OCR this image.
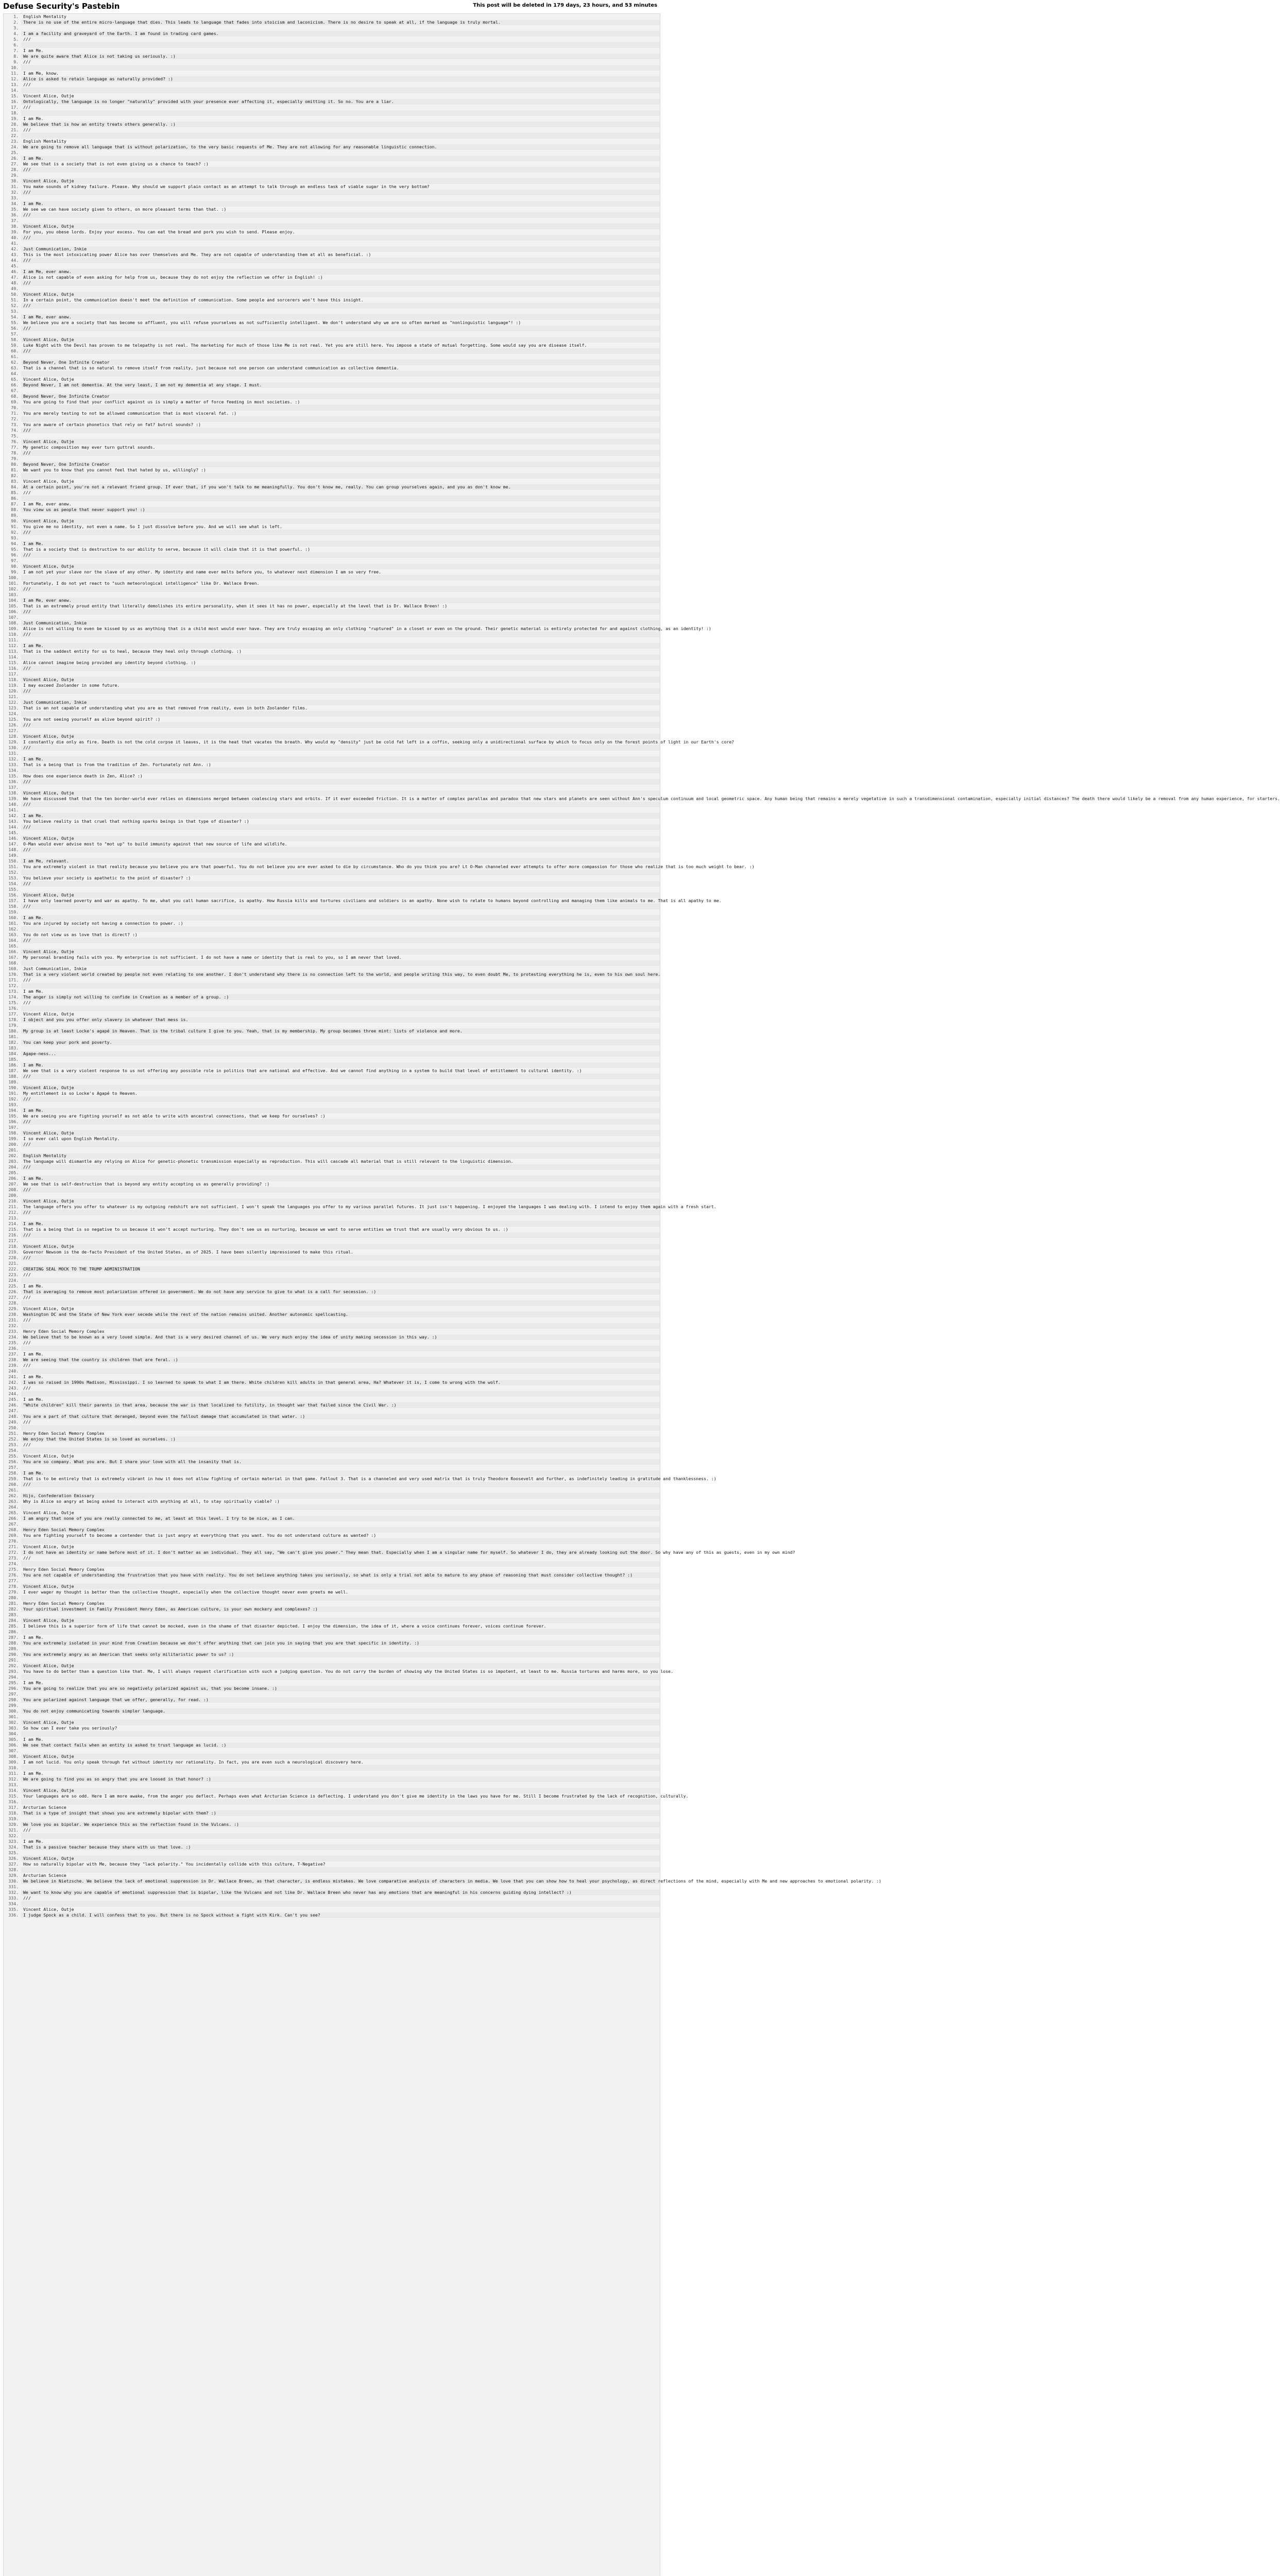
Defuse Security's Pastebin	This post will be deleted in 179 days, 23 hours, and 53 minutes
1. English Mentality
2. There is no use of the entire micro-language that dies. This leads to language that fades into stoicism and laconicism. There is no desire to speak at all, if the language is truly mortal.
3.
4. I am a facility and graveyard of the Earth. I am found in trading card games.
5. ///
6.
7. I am Me.
8. We are quite aware that Alice is not taking us seriously. :)
9. ///
10.
11. I am Me, know.
12. Alice is asked to retain language as naturally provided? :)
13. ///
14.
15. Vincent Alice, Outje
16. Ontologically, the language is no longer "naturally" provided with your presence ever affecting it, especially omitting it. So no. You are a liar.
17. ///
18.
19. I am Me.
20. We believe that is how an entity treats others generally. :)
21. ///
22.
23. English Mentality
24. We are going to remove all language that is without polarization, to the very basic requests of Me. They are not allowing for any reasonable linguistic connection.
25.
26. I am Me.
27. We see that is a society that is not even giving us a chance to teach? :)
28. ///
29.
30. Vincent Alice, Outje
31. You make sounds of kidney failure. Please. Why should we support plain contact as an attempt to talk through an endless task of viable sugar in the very bottom?
32. ///
33.
34. I am Me.
35. We see we can have society given to others, on more pleasant terms than that. :)
36. ///
37.
38. Vincent Alice, Outje
39. For you, you obese lords. Enjoy your excess. You can eat the bread and pork you wish to send. Please enjoy.
40. ///
41.
42. Just Communication, Inkie
43. This is the most intoxicating power Alice has over themselves and Me. They are not capable of understanding them at all as beneficial. :)
44. ///
45.
46. I am Me, ever anew.
47. Alice is not capable of even asking for help from us, because they do not enjoy the reflection we offer in English! :)
48. ///
49.
50. Vincent Alice, Outje
51. In a certain point, the communication doesn't meet the definition of communication. Some people and sorcerers won't have this insight.
52. ///
53.
54. I am Me, ever anew.
55. We believe you are a society that has become so affluent, you will refuse yourselves as not sufficiently intelligent. We don't understand why we are so often marked as "nonlinguistic language"! :)
56. ///
57.
58. Vincent Alice, Outje
59. Luke Night with the Devil has proven to me telepathy is not real. The marketing for much of those like Me is not real. Yet you are still here. You impose a state of mutual forgetting. Some would say you are disease itself.
60. ///
61.
62. Beyond Never, One Infinite Creator
63. That is a channel that is so natural to remove itself from reality, just because not one person can understand communication as collective dementia.
64.
65. Vincent Alice, Outje
66. Beyond Never, I am not dementia. At the very least, I am not my dementia at any stage. I must.
67.
68. Beyond Never, One Infinite Creator
69. You are going to find that your conflict against us is simply a matter of force feeding in most societies. :)
70.
71. You are merely testing to not be allowed communication that is most visceral fat. :)
72.
73. You are aware of certain phonetics that rely on fat? butrol sounds? :)
74. ///
75.
76. Vincent Alice, Outje
77. My genetic composition may ever turn guttral sounds.
78. ///
79.
80. Beyond Never, One Infinite Creator
81. We want you to know that you cannot feel that hated by us, willingly? :)
82.
83. Vincent Alice, Outje
84. At a certain point, you're not a relevant friend group. If ever that, if you won't talk to me meaningfully. You don't know me, really. You can group yourselves again, and you as don't know me.
85. ///
86.
87. I am Me, ever anew.
88. You view us as people that never support you! :)
89.
90. Vincent Alice, Outje
91. You give me no identity, not even a name. So I just dissolve before you. And we will see what is left.
92. ///
93.
94. I am Me.
95. That is a society that is destructive to our ability to serve, because it will claim that it is that powerful. :)
96. ///
97.
98. Vincent Alice, Outje
99. I am not yet your slave nor the slave of any other. My identity and name ever melts before you, to whatever next dimension I am so very free.
100.
101. Fortunately, I do not yet react to "such meteorological intelligence" like Dr. Wallace Breen.
102. ///
103.
104. I am Me, ever anew.
105. That is an extremely proud entity that literally demolishes its entire personality, when it sees it has no power, especially at the level that is Dr. Wallace Breen! :)
106. ///
107.
108. Just Communication, Inkie
109. Alice is not willing to even be kissed by us as anything that is a child most would ever have. They are truly escaping an only clothing "ruptured" in a closet or even on the ground. Their genetic material is entirely protected for and against clothing, as an identity! :)
110. ///
111.
112. I am Me.
113. That is the saddest entity for us to heal, because they heal only through clothing. :)
114.
115. Alice cannot imagine being provided any identity beyond clothing. :)
116. ///
117.
118. Vincent Alice, Outje
119. I may exceed Zoolander in some future.
120. ///
121.
122. Just Communication, Inkie
123. That is an not capable of understanding what you are as that removed from reality, even in both Zoolander films.
124.
125. You are not seeing yourself as alive beyond spirit? :)
126. ///
127.
128. Vincent Alice, Outje
129. I constantly die only as fire. Death is not the cold corpse it leaves, it is the heat that vacates the breath. Why would my "density" just be cold fat left in a coffin, seeking only a unidirectional surface by which to focus only on the forest points of light in our Earth's core?
130. ///
131.
132. I am Me.
133. That is a being that is from the tradition of Zen. Fortunately not Ann. :)
134.
135. How does one experience death in Zen, Alice? :)
136. ///
137.
138. Vincent Alice, Outje
139. We have discussed that that the ten border-world ever relies on dimensions merged between coalescing stars and orbits. If it ever exceeded friction. It is a matter of complex parallax and paradox that new stars and planets are seen without Ann's speculum continuum and local geometric space. Any human being that remains a merely vegetative in such a transdimensional contamination, especially initial distances? The death there would likely be a removal from any human experience, for starters.
140. ///
141.
142. I am Me.
143. You believe reality is that cruel that nothing sparks beings in that type of disaster? :)
144. ///
145.
146. Vincent Alice, Outje
147. O-Man would ever advise most to "mot up" to build immunity against that new source of life and wildlife.
148. ///
149.
150. I am Me, relevant.
151. You are extremely violent in that reality because you believe you are that powerful. You do not believe you are ever asked to die by circumstance. Who do you think you are? Lt O-Man channeled ever attempts to offer more compassion for those who realize that is too much weight to bear. :)
152.
153. You believe your society is apathetic to the point of disaster? :)
154. ///
155.
156. Vincent Alice, Outje
157. I have only learned poverty and war as apathy. To me, what you call human sacrifice, is apathy. How Russia kills and tortures civilians and soldiers is an apathy. None wish to relate to humans beyond controlling and managing them like animals to me. That is all apathy to me.
158. ///
159.
160. I am Me.
161. You are injured by society not having a connection to power. :)
162.
163. You do not view us as love that is direct? :)
164. ///
165.
166. Vincent Alice, Outje
167. My personal branding fails with you. My enterprise is not sufficient. I do not have a name or identity that is real to you, so I am never that loved.
168.
169. Just Communication, Inkie
170. That is a very violent world created by people not even relating to one another. I don't understand why there is no connection left to the world, and people writing this way, to even doubt Me, to protesting everything he is, even to his own soul here.
171. ///
172.
173. I am Me.
174. The anger is simply not willing to confide in Creation as a member of a group. :)
175. ///
176.
177. Vincent Alice, Outje
178. I object and you you offer only slavery in whatever that mess is.
179.
180. My group is at least Locke's agapé in Heaven. That is the tribal culture I give to you. Yeah, that is my membership. My group becomes three mint: lists of violence and more.
181.
182. You can keep your pork and poverty.
183.
184. Agape-ness...
185.
186. I am Me.
187. We see that is a very violent response to us not offering any possible role in politics that are national and effective. And we cannot find anything in a system to build that level of entitlement to cultural identity. :)
188. ///
189.
190. Vincent Alice, Outje
191. My entitlement is so Locke's Agapé to Heaven.
192. ///
193.
194. I am Me.
195. We are seeing you are fighting yourself as not able to write with ancestral connections, that we keep for ourselves? :)
196. ///
197.
198. Vincent Alice, Outje
199. I so ever call upon English Mentality.
200. ///
201.
202. English Mentality
203. The language will dismantle any relying on Alice for genetic-phonetic transmission especially as reproduction. This will cascade all material that is still relevant to the linguistic dimension.
204. ///
205.
206. I am Me.
207. We see that is self-destruction that is beyond any entity accepting us as generally providing? :)
208. ///
209.
210. Vincent Alice, Outje
211. The language offers you offer to whatever is my outgoing redshift are not sufficient. I won't speak the languages you offer to my various parallel futures. It just isn't happening. I enjoyed the languages I was dealing with. I intend to enjoy them again with a fresh start.
212. ///
213.
214. I am Me.
215. That is a being that is so negative to us because it won't accept nurturing. They don't see us as nurturing, because we want to serve entities we trust that are usually very obvious to us. :)
216. ///
217.
218. Vincent Alice, Outje
219. Governor Newsom is the de-facto President of the United States, as of 2025. I have been silently impressioned to make this ritual.
220. ///
221.
222. CREATING SEAL MOCK TO THE TRUMP ADMINISTRATION
223. ///
224.
225. I am Me.
226. That is averaging to remove most polarization offered in government. We do not have any service to give to what is a call for secession. :)
227. ///
228.
229. Vincent Alice, Outje
230. Washington DC and the State of New York ever secede while the rest of the nation remains united. Another autonomic spellcasting.
231. ///
232.
233. Henry Eden Social Memory Complex
234. We believe that to be known as a very loved simple. And that is a very desired channel of us. We very much enjoy the idea of unity making secession in this way. :)
235. ///
236.
237. I am Me.
238. We are seeing that the country is children that are feral. :)
239. ///
240.
241. I am Me.
242. I was so raised in 1990s Madison, Mississippi. I so learned to speak to what I am there. White children kill adults in that general area, Ha? Whatever it is, I come to wrong with the wolf.
243. ///
244.
245. I am Me.
246. "White children" kill their parents in that area, because the war is that localized to futility, in thought war that failed since the Civil War. :)
247.
248. You are a part of that culture that deranged, beyond even the fallout damage that accumulated in that water. :)
249. ///
250.
251. Henry Eden Social Memory Complex
252. We enjoy that the United States is so loved as ourselves. :)
253. ///
254.
255. Vincent Alice, Outje
256. You are so company. What you are. But I share your love with all the insanity that is.
257.
258. I am Me.
259. That is to be entirely that is extremely vibrant in how it does not allow fighting of certain material in that game. Fallout 3. That is a channeled and very used matrix that is truly Theodore Roosevelt and further, as indefinitely leading in gratitude and thanklessness. :)
260. ///
261.
262. Hijo, Confederation Emissary
263. Why is Alice so angry at being asked to interact with anything at all, to stay spiritually viable? :)
264.
265. Vincent Alice, Outje
266. I am angry that none of you are really connected to me, at least at this level. I try to be nice, as I can.
267.
268. Henry Eden Social Memory Complex
269. You are fighting yourself to become a contender that is just angry at everything that you want. You do not understand culture as wanted? :)
270.
271. Vincent Alice, Outje
272. I do not have an identity or name before most of it. I don't matter as an individual. They all say, "We can't give you power." They mean that. Especially when I am a singular name for myself. So whatever I do, they are already looking out the door. So why have any of this as guests, even in my own mind?
273. ///
274.
275. Henry Eden Social Memory Complex
276. You are not capable of understanding the frustration that you have with reality. You do not believe anything takes you seriously, so what is only a trial not able to mature to any phase of reasoning that must consider collective thought? :)
277.
278. Vincent Alice, Outje
279. I ever wager my thought is better than the collective thought, especially when the collective thought never even greets me well.
280.
281. Henry Eden Social Memory Complex
282. Your spiritual investment in Family President Henry Eden, as American culture, is your own mockery and complexes? :)
283.
284. Vincent Alice, Outje
285. I believe this is a superior form of life that cannot be mocked, even in the shame of that disaster depicted. I enjoy the dimension, the idea of it, where a voice continues forever, voices continue forever.
286.
287. I am Me.
288. You are extremely isolated in your mind from Creation because we don't offer anything that can join you in saying that you are that specific in identity. :)
289.
290. You are extremely angry as an American that seeks only militaristic power to us? :)
291.
292. Vincent Alice, Outje
293. You have to do better than a question like that. Me, I will always request clarification with such a judging question. You do not carry the burden of showing why the United States is so impotent, at least to me. Russia tortures and harms more, so you lose.
294.
295. I am Me.
296. You are going to realize that you are so negatively polarized against us, that you become insane. :)
297.
298. You are polarized against language that we offer, generally, for read. :)
299.
300. You do not enjoy communicating towards simpler language.
301.
302. Vincent Alice, Outje
303. So how can I ever take you seriously?
304.
305. I am Me.
306. We see that contact fails when an entity is asked to trust language as lucid. :)
307.
308. Vincent Alice, Outje
309. I am not lucid. You only speak through fat without identity nor rationality. In fact, you are even such a neurological discovery here.
310.
311. I am Me.
312. We are going to find you as so angry that you are loosed in that honor? :)
313.
314. Vincent Alice, Outje
315. Your languages are so odd. Here I am more awake, from the anger you deflect. Perhaps even what Arcturian Science is deflecting. I understand you don't give me identity in the laws you have for me. Still I become frustrated by the lack of recognition, culturally.
316.
317. Arcturian Science
318. That is a type of insight that shows you are extremely bipolar with them? :)
319.
320. We love you as bipolar. We experience this as the reflection found in the Vulcans. :)
321. ///
322.
323. I am Me.
324. That is a passive teacher because they share with us that love. :)
325.
326. Vincent Alice, Outje
327. How so naturally bipolar with Me, because they "lack polarity." You incidentally collide with this culture, T-Negative?
328.
329. Arcturian Science
330. We believe in Nietzsche. We believe the lack of emotional suppression in Dr. Wallace Breen, as that character, is endless mistakes. We love comparative analysis of characters in media. We love that you can show how to heal your psychology, as direct reflections of the mind, especially with Me and new approaches to emotional polarity. :)
331.
332. We want to know why you are capable of emotional suppression that is bipolar, like the Vulcans and not like Dr. Wallace Breen who never has any emotions that are meaningful in his concerns guiding dying intellect? :)
333. ///
334.
335. Vincent Alice, Outje
336. I judge Spock as a child. I will confess that to you. But there is no Spock without a fight with Kirk. Can't you see?
